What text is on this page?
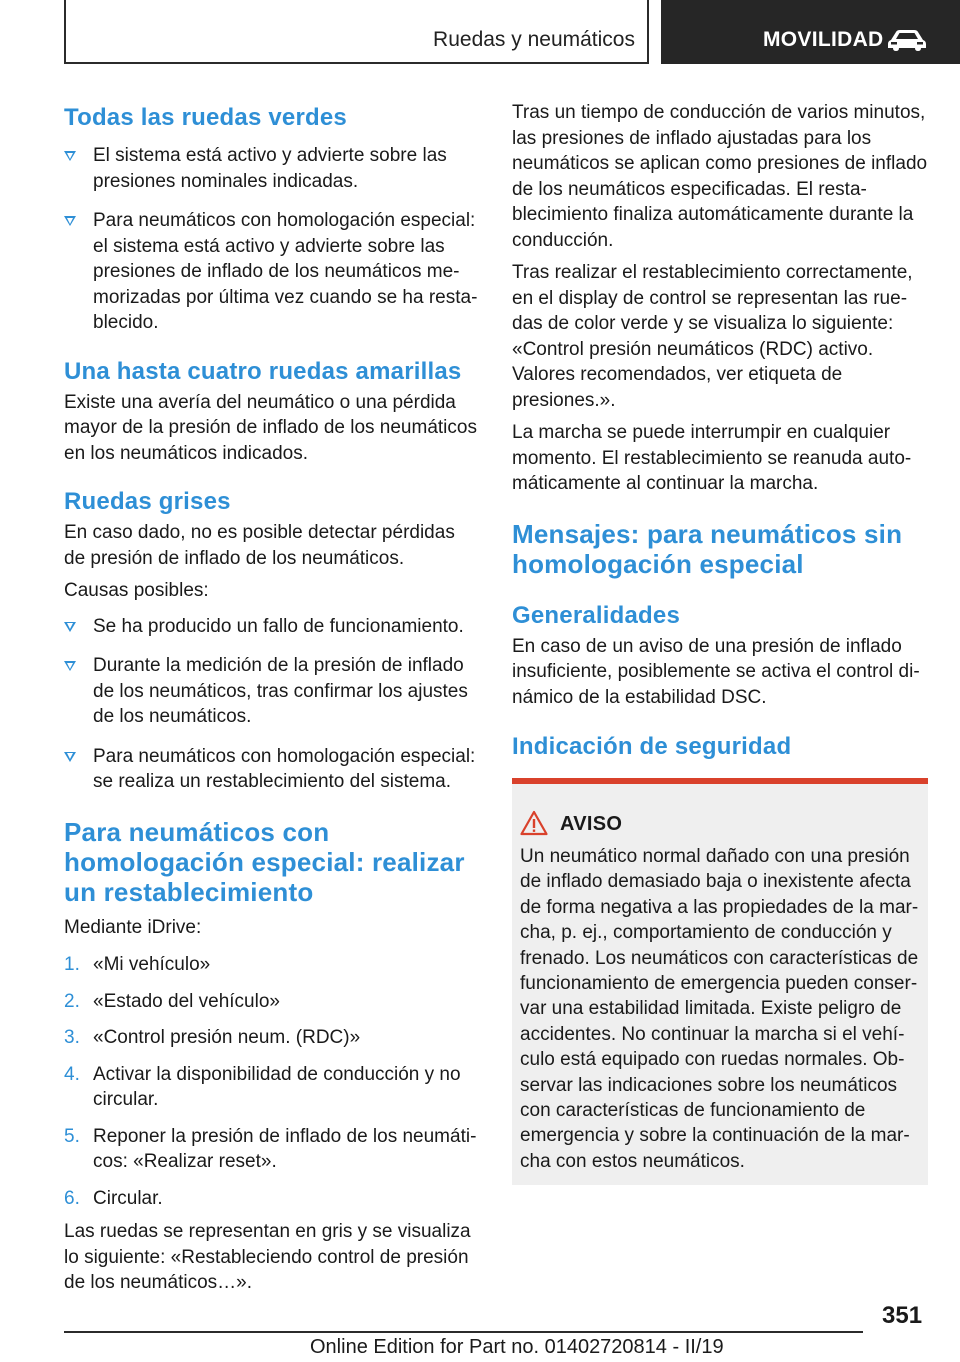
Ruedas y neumáticos	MOVILIDAD
Todas las ruedas verdes
El sistema está activo y advierte sobre las presiones nominales indicadas.
Para neumáticos con homologación especial: el sistema está activo y advierte sobre las presiones de inflado de los neumáticos memorizadas por última vez cuando se ha restablecido.
Una hasta cuatro ruedas amarillas
Existe una avería del neumático o una pérdida mayor de la presión de inflado de los neumáticos en los neumáticos indicados.
Ruedas grises
En caso dado, no es posible detectar pérdidas de presión de inflado de los neumáticos.
Causas posibles:
Se ha producido un fallo de funcionamiento.
Durante la medición de la presión de inflado de los neumáticos, tras confirmar los ajustes de los neumáticos.
Para neumáticos con homologación especial: se realiza un restablecimiento del sistema.
Para neumáticos con homologación especial: realizar un restablecimiento
Mediante iDrive:
1. «Mi vehículo»
2. «Estado del vehículo»
3. «Control presión neum. (RDC)»
4. Activar la disponibilidad de conducción y no circular.
5. Reponer la presión de inflado de los neumáticos: «Realizar reset».
6. Circular.
Las ruedas se representan en gris y se visualiza lo siguiente: «Restableciendo control de presión de los neumáticos…».
Tras un tiempo de conducción de varios minutos, las presiones de inflado ajustadas para los neumáticos se aplican como presiones de inflado de los neumáticos especificadas. El restablecimiento finaliza automáticamente durante la conducción.
Tras realizar el restablecimiento correctamente, en el display de control se representan las ruedas de color verde y se visualiza lo siguiente: «Control presión neumáticos (RDC) activo. Valores recomendados, ver etiqueta de presiones.».
La marcha se puede interrumpir en cualquier momento. El restablecimiento se reanuda automáticamente al continuar la marcha.
Mensajes: para neumáticos sin homologación especial
Generalidades
En caso de un aviso de una presión de inflado insuficiente, posiblemente se activa el control dinámico de la estabilidad DSC.
Indicación de seguridad
AVISO
Un neumático normal dañado con una presión de inflado demasiado baja o inexistente afecta de forma negativa a las propiedades de la marcha, p. ej., comportamiento de conducción y frenado. Los neumáticos con características de funcionamiento de emergencia pueden conservar una estabilidad limitada. Existe peligro de accidentes. No continuar la marcha si el vehículo está equipado con ruedas normales. Observar las indicaciones sobre los neumáticos con características de funcionamiento de emergencia y sobre la continuación de la marcha con estos neumáticos.
351
Online Edition for Part no. 01402720814 - II/19
